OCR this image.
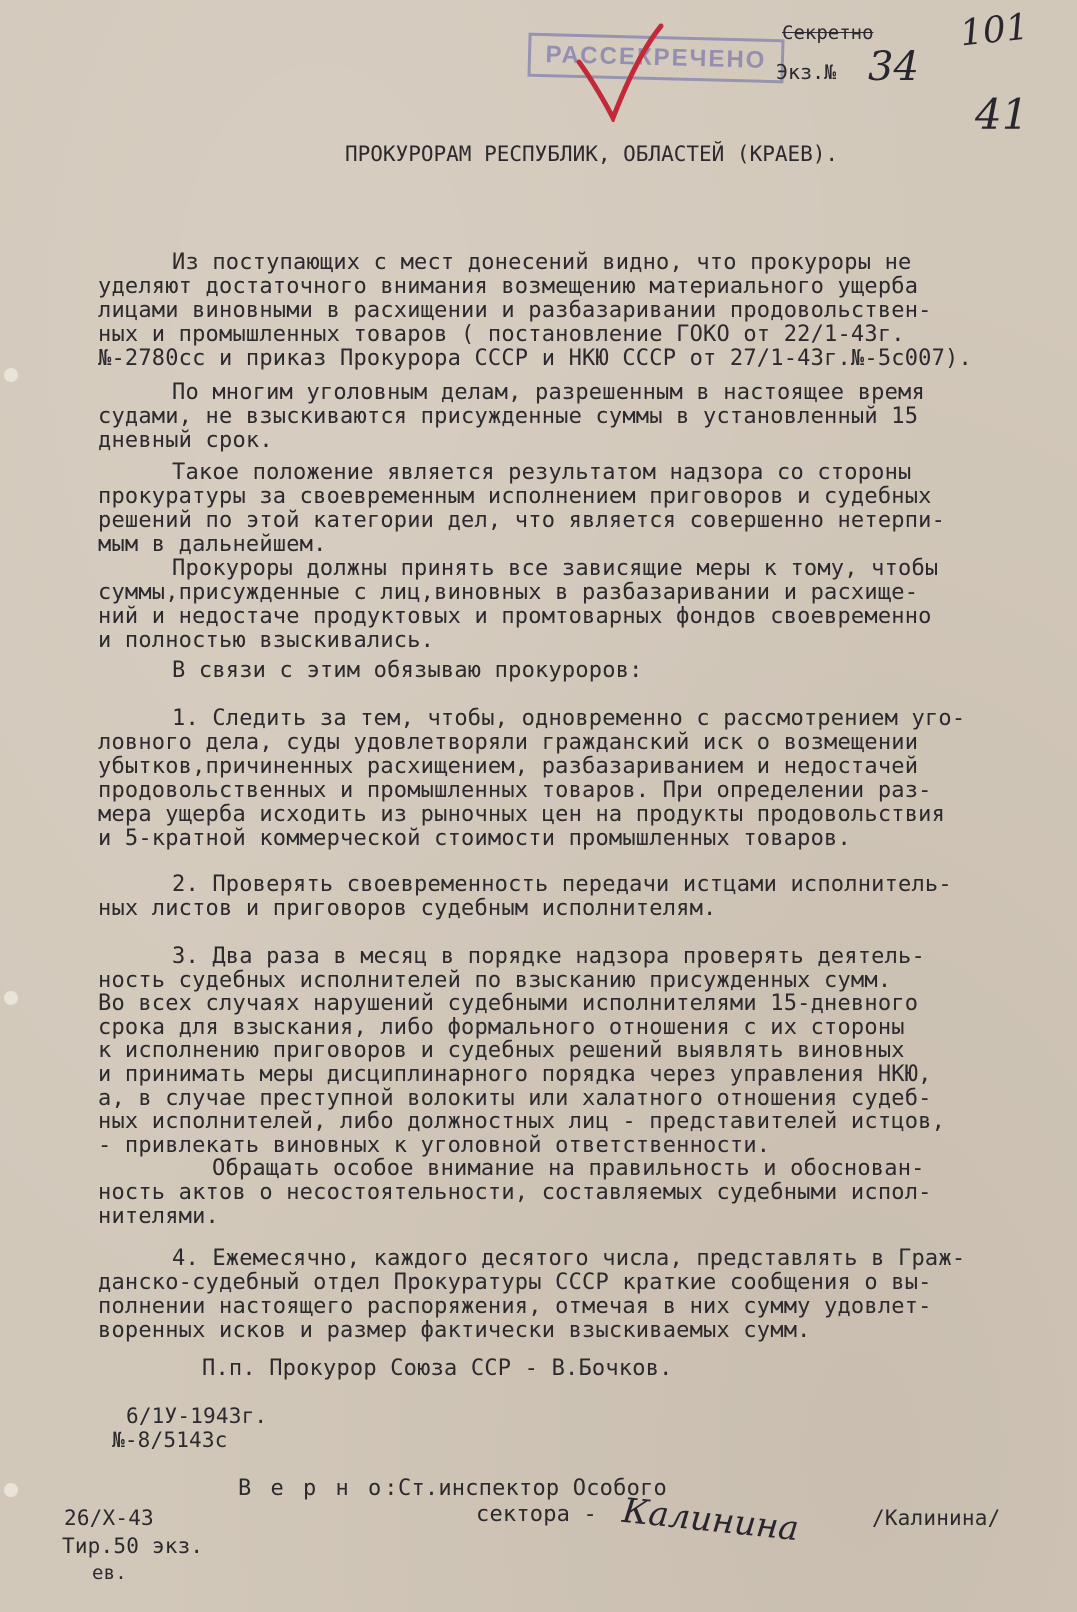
Секретно
РАССЕКРЕЧЕНО Экз.№ 34
101
41
ПРОКУРОРАМ РЕСПУБЛИК, ОБЛАСТЕЙ (КРАЕВ).
Из поступающих с мест донесений видно, что прокуроры не
уделяют достаточного внимания возмещению материального ущерба
лицами виновными в расхищении и разбазаривании продовольствен-
ных и промышленных товаров ( постановление ГОКО от 22/1-43г.
№-2780сс и приказ Прокурора СССР и НКЮ СССР от 27/1-43г.№-5с007).
По многим уголовным делам, разрешенным в настоящее время
судами, не взыскиваются присужденные суммы в установленный 15
дневный срок.
Такое положение является результатом надзора со стороны
прокуратуры за своевременным исполнением приговоров и судебных
решений по этой категории дел, что является совершенно нетерпи-
мым в дальнейшем.
Прокуроры должны принять все зависящие меры к тому, чтобы
суммы,присужденные с лиц,виновных в разбазаривании и расхище-
ний и недостаче продуктовых и промтоварных фондов своевременно
и полностью взыскивались.
В связи с этим обязываю прокуроров:
1. Следить за тем, чтобы, одновременно с рассмотрением уго-
ловного дела, суды удовлетворяли гражданский иск о возмещении
убытков,причиненных расхищением, разбазариванием и недостачей
продовольственных и промышленных товаров. При определении раз-
мера ущерба исходить из рыночных цен на продукты продовольствия
и 5-кратной коммерческой стоимости промышленных товаров.
2. Проверять своевременность передачи истцами исполнитель-
ных листов и приговоров судебным исполнителям.
3. Два раза в месяц в порядке надзора проверять деятель-
ность судебных исполнителей по взысканию присужденных сумм.
Во всех случаях нарушений судебными исполнителями 15-дневного
срока для взыскания, либо формального отношения с их стороны
к исполнению приговоров и судебных решений выявлять виновных
и принимать меры дисциплинарного порядка через управления НКЮ,
а, в случае преступной волокиты или халатного отношения судеб-
ных исполнителей, либо должностных лиц - представителей истцов,
- привлекать виновных к уголовной ответственности.
Обращать особое внимание на правильность и обоснован-
ность актов о несостоятельности, составляемых судебными испол-
нителями.
4. Ежемесячно, каждого десятого числа, представлять в Граж-
данско-судебный отдел Прокуратуры СССР краткие сообщения о вы-
полнении настоящего распоряжения, отмечая в них сумму удовлет-
воренных исков и размер фактически взыскиваемых сумм.
П.п. Прокурор Союза ССР - В.Бочков.
6/1У-1943г.
№-8/5143с
В е р н о:
Ст.инспектор Особого
сектора - Калинина	/Калинина/
26/Х-43
Тир.50 экз.
ев.
